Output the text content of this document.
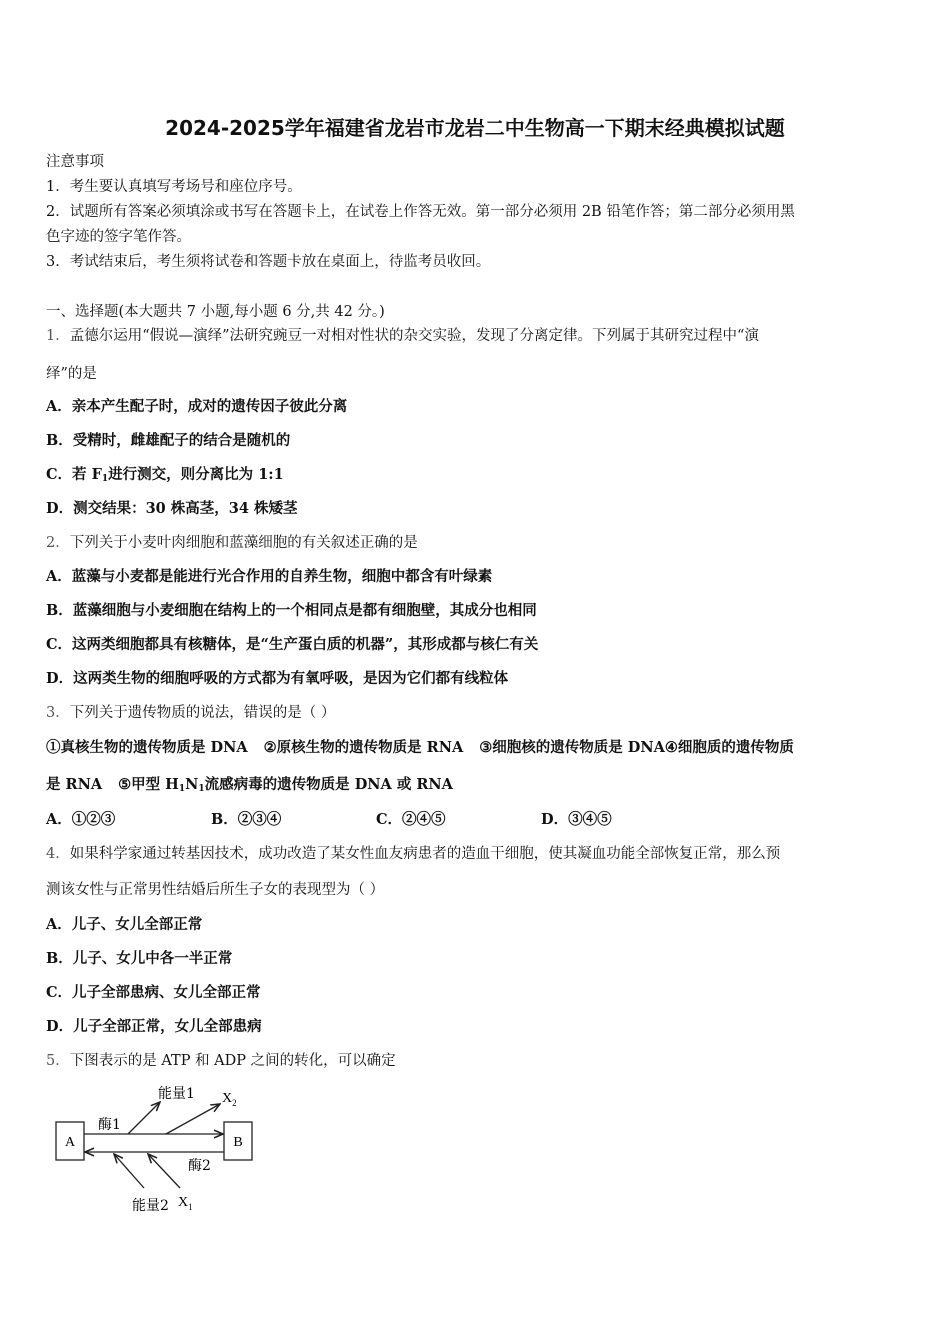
2024-2025学年福建省龙岩市龙岩二中生物高一下期末经典模拟试题
注意事项
1．考生要认真填写考场号和座位序号。
2．试题所有答案必须填涂或书写在答题卡上，在试卷上作答无效。第一部分必须用 2B 铅笔作答；第二部分必须用黑
色字迹的签字笔作答。
3．考试结束后，考生须将试卷和答题卡放在桌面上，待监考员收回。
一、选择题(本大题共 7 小题,每小题 6 分,共 42 分。)
1．孟德尔运用“假说—演绎”法研究豌豆一对相对性状的杂交实验，发现了分离定律。下列属于其研究过程中“演
绎”的是
A．亲本产生配子时，成对的遗传因子彼此分离
B．受精时，雌雄配子的结合是随机的
C．若 $F_1$进行测交，则分离比为 1:1
D．测交结果：30 株高茎，34 株矮茎
2．下列关于小麦叶肉细胞和蓝藻细胞的有关叙述正确的是
A．蓝藻与小麦都是能进行光合作用的自养生物，细胞中都含有叶绿素
B．蓝藻细胞与小麦细胞在结构上的一个相同点是都有细胞壁，其成分也相同
C．这两类细胞都具有核糖体，是“生产蛋白质的机器”，其形成都与核仁有关
D．这两类生物的细胞呼吸的方式都为有氧呼吸，是因为它们都有线粒体
3．下列关于遗传物质的说法，错误的是（ ）
①真核生物的遗传物质是 DNA ②原核生物的遗传物质是 RNA ③细胞核的遗传物质是 DNA④细胞质的遗传物质
是 RNA ⑤甲型 $H_1N_1$流感病毒的遗传物质是 DNA 或 RNA
A．①②③	B．②③④	C．②④⑤	D．③④⑤
4．如果科学家通过转基因技术，成功改造了某女性血友病患者的造血干细胞，使其凝血功能全部恢复正常，那么预
测该女性与正常男性结婚后所生子女的表现型为（ ）
A．儿子、女儿全部正常
B．儿子、女儿中各一半正常
C．儿子全部患病、女儿全部正常
D．儿子全部正常，女儿全部患病
5．下图表示的是 ATP 和 ADP 之间的转化，可以确定
A	B
酶1
酶2
能量1 $X_2$
能量2 $X_1$
